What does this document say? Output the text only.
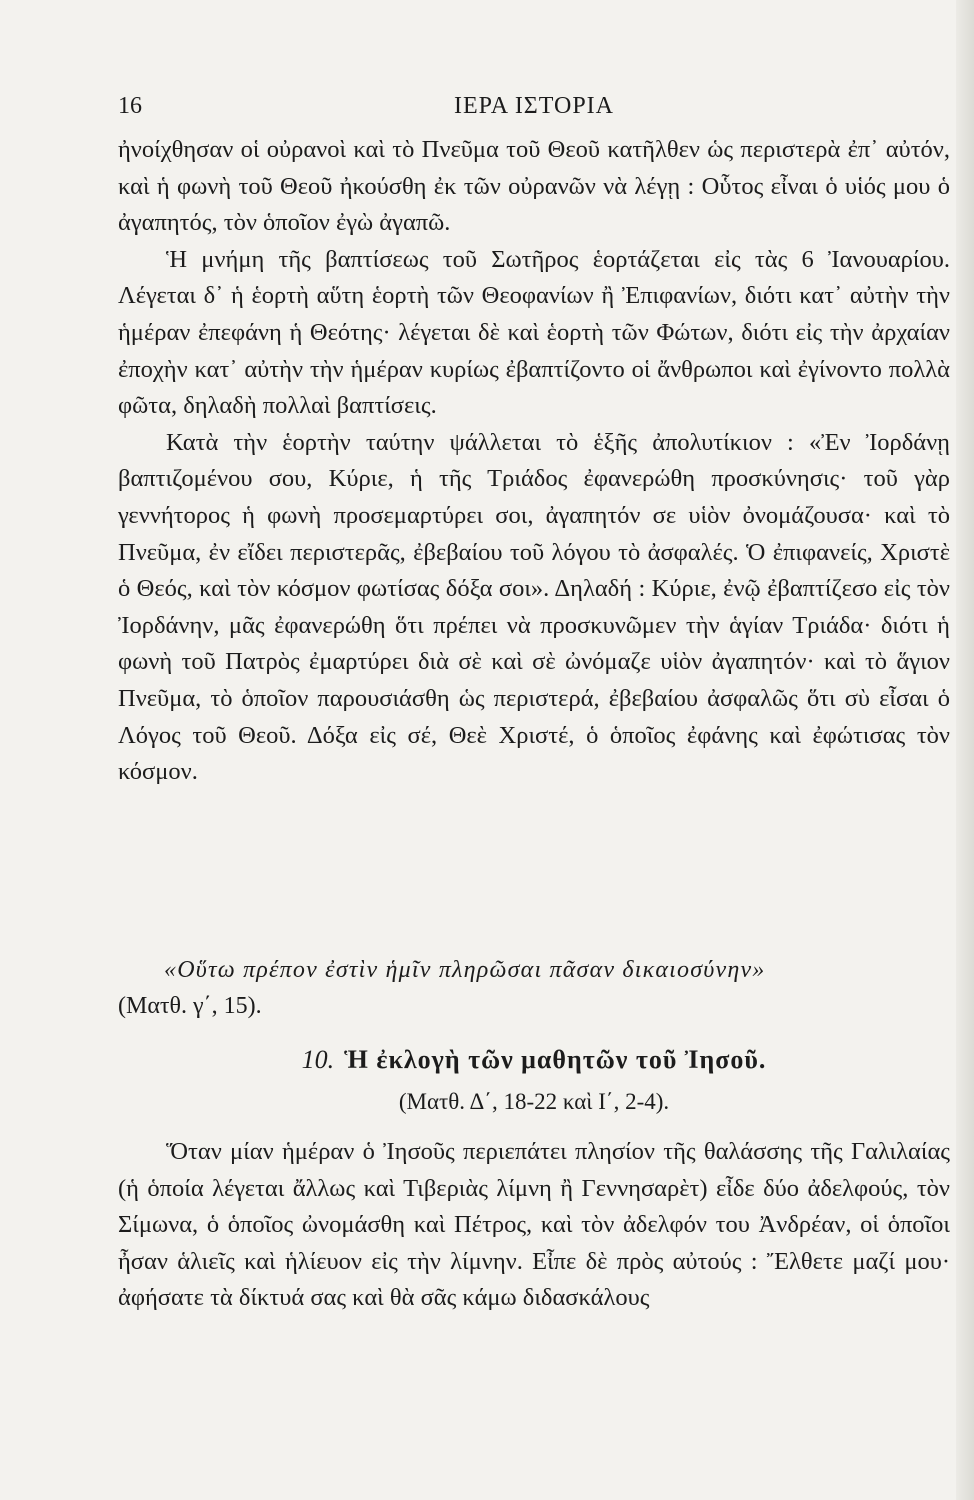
16	ΙΕΡΑ ΙΣΤΟΡΙΑ

ἠνοίχθησαν οἱ οὐρανοὶ καὶ τὸ Πνεῦμα τοῦ Θεοῦ κατῆλθεν ὡς περιστερὰ ἐπ᾿ αὐτόν, καὶ ἡ φωνὴ τοῦ Θεοῦ ἠκούσθη ἐκ τῶν οὐρανῶν νὰ λέγῃ : Οὗτος εἶναι ὁ υἱός μου ὁ ἀγαπητός, τὸν ὁποῖον ἐγὼ ἀγαπῶ.

Ἡ μνήμη τῆς βαπτίσεως τοῦ Σωτῆρος ἑορτάζεται εἰς τὰς 6 Ἰανουαρίου. Λέγεται δ᾿ ἡ ἑορτὴ αὕτη ἑορτὴ τῶν Θεοφανίων ἢ Ἐπιφανίων, διότι κατ᾿ αὐτὴν τὴν ἡμέραν ἐπεφάνη ἡ Θεότης· λέγεται δὲ καὶ ἑορτὴ τῶν Φώτων, διότι εἰς τὴν ἀρχαίαν ἐποχὴν κατ᾿ αὐτὴν τὴν ἡμέραν κυρίως ἐβαπτίζοντο οἱ ἄνθρωποι καὶ ἐγίνοντο πολλὰ φῶτα, δηλαδὴ πολλαὶ βαπτίσεις.

Κατὰ τὴν ἑορτὴν ταύτην ψάλλεται τὸ ἑξῆς ἀπολυτίκιον : «Ἐν Ἰορδάνῃ βαπτιζομένου σου, Κύριε, ἡ τῆς Τριάδος ἐφανερώθη προσκύνησις· τοῦ γὰρ γεννήτορος ἡ φωνὴ προσεμαρτύρει σοι, ἀγαπητόν σε υἱὸν ὀνομάζουσα· καὶ τὸ Πνεῦμα, ἐν εἴδει περιστερᾶς, ἐβεβαίου τοῦ λόγου τὸ ἀσφαλές. Ὁ ἐπιφανείς, Χριστὲ ὁ Θεός, καὶ τὸν κόσμον φωτίσας δόξα σοι». Δηλαδή : Κύριε, ἐνῷ ἐβαπτίζεσο εἰς τὸν Ἰορδάνην, μᾶς ἐφανερώθη ὅτι πρέπει νὰ προσκυνῶμεν τὴν ἁγίαν Τριάδα· διότι ἡ φωνὴ τοῦ Πατρὸς ἐμαρτύρει διὰ σὲ καὶ σὲ ὠνόμαζε υἱὸν ἀγαπητόν· καὶ τὸ ἅγιον Πνεῦμα, τὸ ὁποῖον παρουσιάσθη ὡς περιστερά, ἐβεβαίου ἀσφαλῶς ὅτι σὺ εἶσαι ὁ Λόγος τοῦ Θεοῦ. Δόξα εἰς σέ, Θεὲ Χριστέ, ὁ ὁποῖος ἐφάνης καὶ ἐφώτισας τὸν κόσμον.

«Οὕτω πρέπον ἐστὶν ἡμῖν πληρῶσαι πᾶσαν δικαιοσύνην»
(Ματθ. γ΄, 15).
10. Ἡ ἐκλογὴ τῶν μαθητῶν τοῦ Ἰησοῦ.
(Ματθ. Δ΄, 18-22 καὶ Ι΄, 2-4).

Ὅταν μίαν ἡμέραν ὁ Ἰησοῦς περιεπάτει πλησίον τῆς θαλάσσης τῆς Γαλιλαίας (ἡ ὁποία λέγεται ἄλλως καὶ Τιβεριὰς λίμνη ἢ Γεννησαρὲτ) εἶδε δύο ἀδελφούς, τὸν Σίμωνα, ὁ ὁποῖος ὠνομάσθη καὶ Πέτρος, καὶ τὸν ἀδελφόν του Ἀνδρέαν, οἱ ὁποῖοι ἦσαν ἁλιεῖς καὶ ἡλίευον εἰς τὴν λίμνην. Εἶπε δὲ πρὸς αὐτούς : Ἔλθετε μαζί μου· ἀφήσατε τὰ δίκτυά σας καὶ θὰ σᾶς κάμω διδασκάλους
